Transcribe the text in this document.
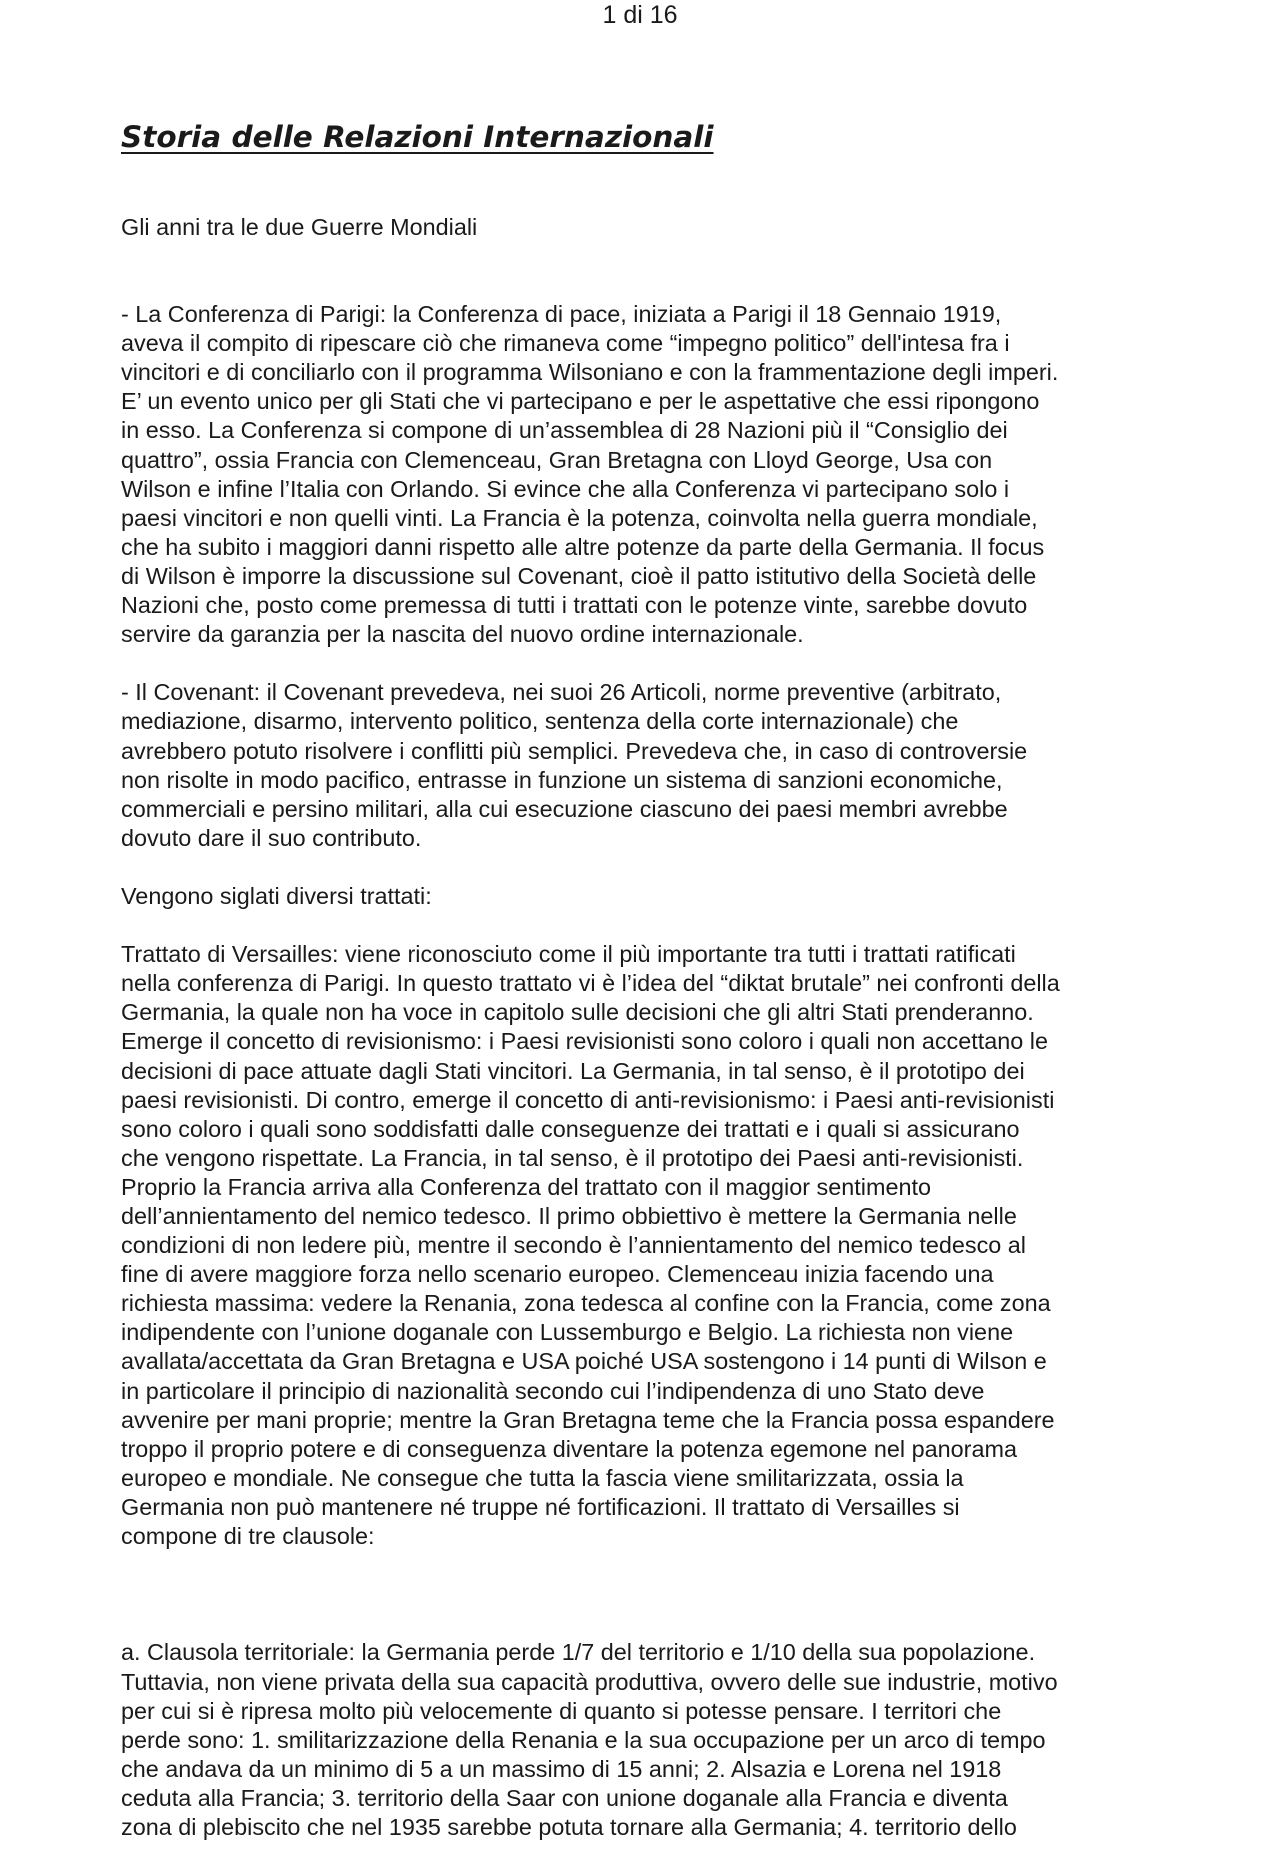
1 di 16
Storia delle Relazioni Internazionali
Gli anni tra le due Guerre Mondiali

- La Conferenza di Parigi: la Conferenza di pace, iniziata a Parigi il 18 Gennaio 1919,
aveva il compito di ripescare ciò che rimaneva come “impegno politico” dell'intesa fra i
vincitori e di conciliarlo con il programma Wilsoniano e con la frammentazione degli imperi.
E’ un evento unico per gli Stati che vi partecipano e per le aspettative che essi ripongono
in esso. La Conferenza si compone di un’assemblea di 28 Nazioni più il “Consiglio dei
quattro”, ossia Francia con Clemenceau, Gran Bretagna con Lloyd George, Usa con
Wilson e infine l’Italia con Orlando. Si evince che alla Conferenza vi partecipano solo i
paesi vincitori e non quelli vinti. La Francia è la potenza, coinvolta nella guerra mondiale,
che ha subito i maggiori danni rispetto alle altre potenze da parte della Germania. Il focus
di Wilson è imporre la discussione sul Covenant, cioè il patto istitutivo della Società delle
Nazioni che, posto come premessa di tutti i trattati con le potenze vinte, sarebbe dovuto
servire da garanzia per la nascita del nuovo ordine internazionale.

- Il Covenant: il Covenant prevedeva, nei suoi 26 Articoli, norme preventive (arbitrato,
mediazione, disarmo, intervento politico, sentenza della corte internazionale) che
avrebbero potuto risolvere i conflitti più semplici. Prevedeva che, in caso di controversie
non risolte in modo pacifico, entrasse in funzione un sistema di sanzioni economiche,
commerciali e persino militari, alla cui esecuzione ciascuno dei paesi membri avrebbe
dovuto dare il suo contributo.

Vengono siglati diversi trattati:

Trattato di Versailles: viene riconosciuto come il più importante tra tutti i trattati ratificati
nella conferenza di Parigi. In questo trattato vi è l’idea del “diktat brutale” nei confronti della
Germania, la quale non ha voce in capitolo sulle decisioni che gli altri Stati prenderanno.
Emerge il concetto di revisionismo: i Paesi revisionisti sono coloro i quali non accettano le
decisioni di pace attuate dagli Stati vincitori. La Germania, in tal senso, è il prototipo dei
paesi revisionisti. Di contro, emerge il concetto di anti-revisionismo: i Paesi anti-revisionisti
sono coloro i quali sono soddisfatti dalle conseguenze dei trattati e i quali si assicurano
che vengono rispettate. La Francia, in tal senso, è il prototipo dei Paesi anti-revisionisti.
Proprio la Francia arriva alla Conferenza del trattato con il maggior sentimento
dell’annientamento del nemico tedesco. Il primo obbiettivo è mettere la Germania nelle
condizioni di non ledere più, mentre il secondo è l’annientamento del nemico tedesco al
fine di avere maggiore forza nello scenario europeo. Clemenceau inizia facendo una
richiesta massima: vedere la Renania, zona tedesca al confine con la Francia, come zona
indipendente con l’unione doganale con Lussemburgo e Belgio. La richiesta non viene
avallata/accettata da Gran Bretagna e USA poiché USA sostengono i 14 punti di Wilson e
in particolare il principio di nazionalità secondo cui l’indipendenza di uno Stato deve
avvenire per mani proprie; mentre la Gran Bretagna teme che la Francia possa espandere
troppo il proprio potere e di conseguenza diventare la potenza egemone nel panorama
europeo e mondiale. Ne consegue che tutta la fascia viene smilitarizzata, ossia la
Germania non può mantenere né truppe né fortificazioni. Il trattato di Versailles si
compone di tre clausole:

a. Clausola territoriale: la Germania perde 1/7 del territorio e 1/10 della sua popolazione.
Tuttavia, non viene privata della sua capacità produttiva, ovvero delle sue industrie, motivo
per cui si è ripresa molto più velocemente di quanto si potesse pensare. I territori che
perde sono: 1. smilitarizzazione della Renania e la sua occupazione per un arco di tempo
che andava da un minimo di 5 a un massimo di 15 anni; 2. Alsazia e Lorena nel 1918
ceduta alla Francia; 3. territorio della Saar con unione doganale alla Francia e diventa
zona di plebiscito che nel 1935 sarebbe potuta tornare alla Germania; 4. territorio dello
